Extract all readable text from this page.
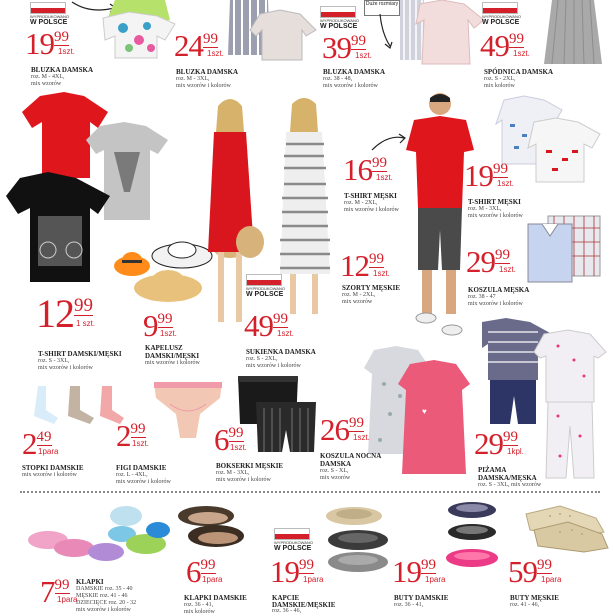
WYPRODUKOWANO
W POLSCE
1999
1szt.
BLUZKA DAMSKA
roz. M - 4XL,
mix wzorów
2499
1szt.
BLUZKA DAMSKA
roz. M - 3XL,
mix wzorów i kolorów
Duże rozmiary
WYPRODUKOWANO
W POLSCE
3999
1szt.
BLUZKA DAMSKA
roz. 38 - 48,
mix wzorów i kolorów
WYPRODUKOWANO
W POLSCE
4999
1szt.
SPÓDNICA DAMSKA
roz. S - 2XL,
mix kolorów
1299
1 szt.
T-SHIRT DAMSKI/MĘSKI
roz. S - 3XL,
mix wzorów i kolorów
999
1szt.
KAPELUSZ
DAMSKI/MĘSKI
mix wzorów i kolorów
WYPRODUKOWANO
W POLSCE
4999
1szt.
SUKIENKA DAMSKA
roz. S - 2XL,
mix wzorów i kolorów
1699
1szt.
T-SHIRT MĘSKI
roz. M - 2XL,
mix wzorów i kolorów
1299
1szt.
SZORTY MĘSKIE
roz. M - 2XL,
mix wzorów
1999
1szt.
T-SHIRT MĘSKI
roz. M - 3XL,
mix wzorów i kolorów
2999
1szt.
KOSZULA MĘSKA
roz. 38 - 47
mix wzorów i kolorów
249
1para
STOPKI DAMSKIE
mix wzorów i kolorów
299
1szt.
FIGI DAMSKIE
roz. L - 4XL,
mix wzorów i kolorów
699
1szt.
BOKSERKI MĘSKIE
roz. M - 3XL,
mix wzorów i kolorów
♥
2699
1szt.
KOSZULA NOCNA
DAMSKA
roz. S - XL,
mix wzorów
2999
1kpl.
PIŻAMA
DAMSKA/MĘSKA
roz. S - 3XL, mix wzorów
799
1para
KLAPKI
DAMSKIE roz. 35 - 40
MĘSKIE roz. 41 - 46
DZIECIĘCE roz. 20 - 32
mix wzorów i kolorów
699
1para
KLAPKI DAMSKIE
roz. 36 - 41,
mix kolorów
WYPRODUKOWANO
W POLSCE
1999
1para
KAPCIE
DAMSKIE/MĘSKIE
roz. 36 - 46,
1999
1para
BUTY DAMSKIE
roz. 36 - 41,
5999
1para
BUTY MĘSKIE
roz. 41 - 46,
